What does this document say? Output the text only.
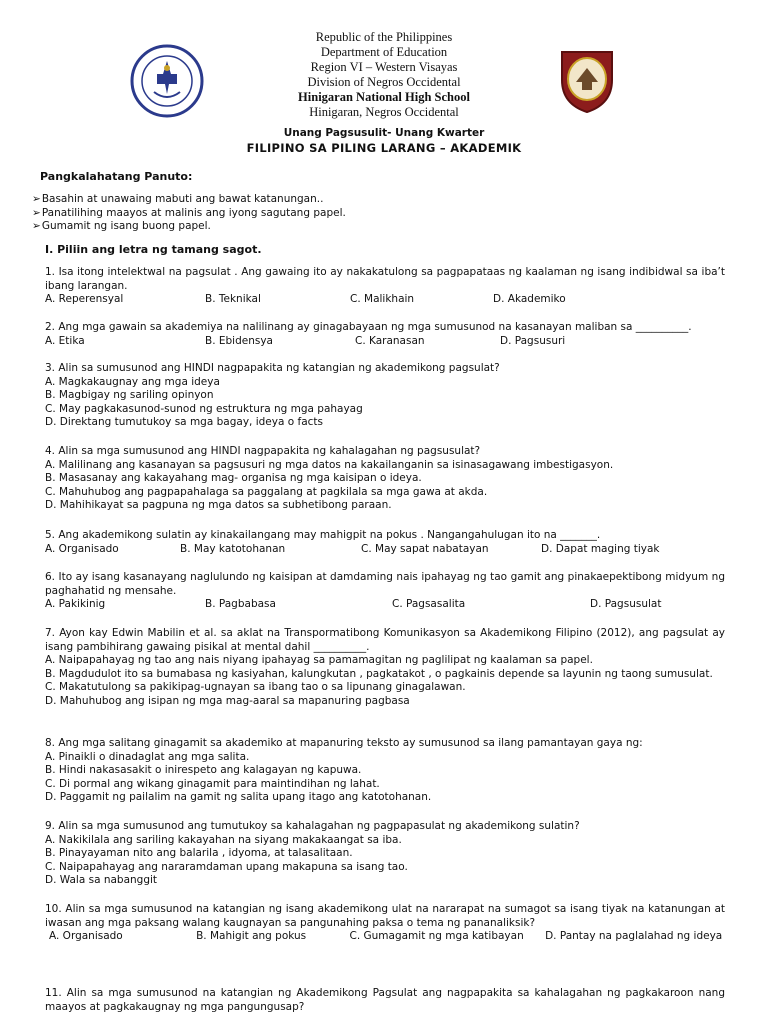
Republic of the Philippines
Department of Education
Region VI – Western Visayas
Division of Negros Occidental
Hinigaran National High School
Hinigaran, Negros Occidental
Unang Pagsusulit- Unang Kwarter
FILIPINO SA PILING LARANG – AKADEMIK
Pangkalahatang Panuto:
➢ Basahin at unawaing mabuti ang bawat katanungan..
➢ Panatilihing maayos at malinis ang iyong sagutang papel.
➢ Gumamit ng isang buong papel.
I. Piliin ang letra ng tamang sagot.
1. Isa itong intelektwal na pagsulat . Ang gawaing ito ay nakakatulong sa pagpapataas ng kaalaman ng isang indibidwal sa iba’t ibang larangan.
A. Reperensyal	B. Teknikal	C. Malikhain	D. Akademiko
2. Ang mga gawain sa akademiya na nalilinang ay ginagabayaan ng mga sumusunod na kasanayan maliban sa __________.
A. Etika	B. Ebidensya	C. Karanasan	D. Pagsusuri
3. Alin sa sumusunod ang HINDI nagpapakita ng katangian ng akademikong pagsulat?
A. Magkakaugnay ang mga ideya
B. Magbigay ng sariling opinyon
C. May pagkakasunod-sunod ng estruktura ng mga pahayag
D. Direktang tumutukoy sa mga bagay, ideya o facts
4. Alin sa mga sumusunod ang HINDI nagpapakita ng kahalagahan ng pagsusulat?
A. Malilinang ang kasanayan sa pagsusuri ng mga datos na kakailanganin sa isinasagawang imbestigasyon.
B. Masasanay ang kakayahang mag- organisa ng mga kaisipan o ideya.
C. Mahuhubog ang pagpapahalaga sa paggalang at pagkilala sa mga gawa at akda.
D. Mahihikayat sa pagpuna ng mga datos sa subhetibong paraan.
5. Ang akademikong sulatin ay kinakailangang may mahigpit na pokus . Nangangahulugan ito na _______.
A. Organisado	B. May katotohanan	C. May sapat nabatayan	D. Dapat maging tiyak
6. Ito ay isang kasanayang naglulundo ng kaisipan at damdaming nais ipahayag ng tao gamit ang pinakaepektibong midyum ng paghahatid ng mensahe.
A. Pakikinig	B. Pagbabasa	C. Pagsasalita	D. Pagsusulat
7. Ayon kay Edwin Mabilin et al. sa aklat na Transpormatibong Komunikasyon sa Akademikong Filipino (2012), ang pagsulat ay isang pambihirang gawaing pisikal at mental dahil __________.
A. Naipapahayag ng tao ang nais niyang ipahayag sa pamamagitan ng paglilipat ng kaalaman sa papel.
B. Magdudulot ito sa bumabasa ng kasiyahan, kalungkutan , pagkatakot , o pagkainis depende sa layunin ng taong sumusulat.
C. Makatutulong sa pakikipag-ugnayan sa ibang tao o sa lipunang ginagalawan.
D. Mahuhubog ang isipan ng mga mag-aaral sa mapanuring pagbasa
8. Ang mga salitang ginagamit sa akademiko at mapanuring teksto ay sumusunod sa ilang pamantayan gaya ng:
A. Pinaikli o dinadaglat ang mga salita.
B. Hindi nakasasakit o inirespeto ang kalagayan ng kapuwa.
C. Di pormal ang wikang ginagamit para maintindihan ng lahat.
D. Paggamit ng pailalim na gamit ng salita upang itago ang katotohanan.
9. Alin sa mga sumusunod ang tumutukoy sa kahalagahan ng pagpapasulat ng akademikong sulatin?
A. Nakikilala ang sariling kakayahan na siyang makakaangat sa iba.
B. Pinayayaman nito ang balarila , idyoma, at talasalitaan.
C. Naipapahayag ang nararamdaman upang makapuna sa isang tao.
D. Wala sa nabanggit
10. Alin sa mga sumusunod na katangian ng isang akademikong ulat na nararapat na sumagot sa isang tiyak na katanungan at iwasan ang mga paksang walang kaugnayan sa pangunahing paksa o tema ng pananaliksik?
A. Organisado	B. Mahigit ang pokus	C. Gumagamit ng mga katibayan D. Pantay na paglalahad ng ideya
11. Alin sa mga sumusunod na katangian ng Akademikong Pagsulat ang nagpapakita sa kahalagahan ng pagkakaroon nang maayos at pagkakaugnay ng mga pangungusap?
